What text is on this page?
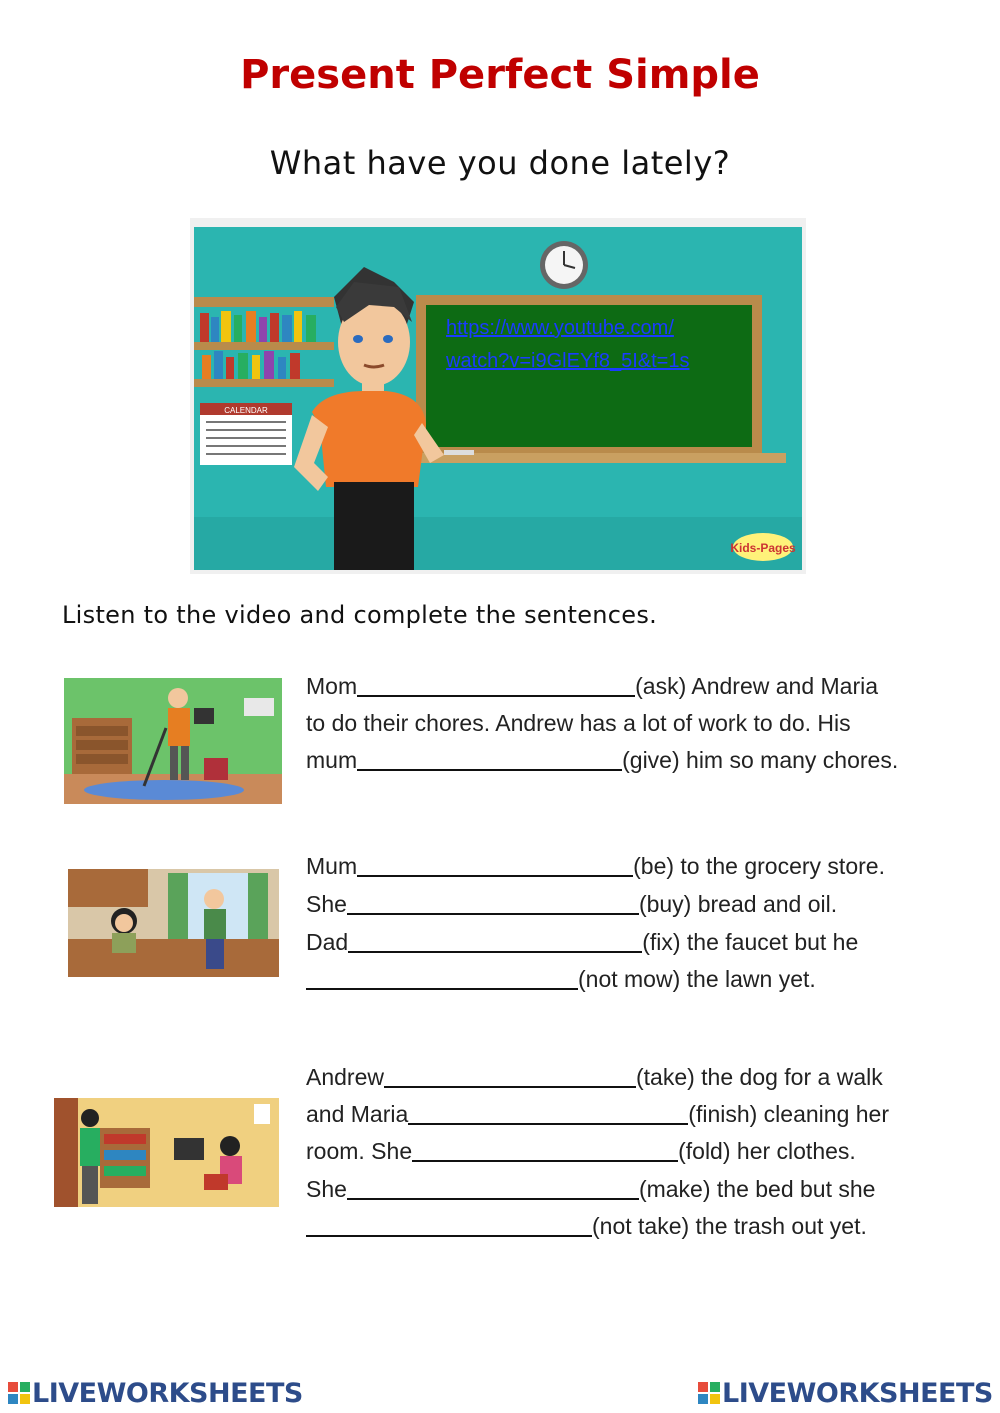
Present Perfect Simple
What have you done lately?
CALENDAR
Kids-Pages
https://www.youtube.com/
watch?v=i9GlEYf8_5I&t=1s
Listen to the video and complete the sentences.
Mom	(ask) Andrew and Maria
to do their chores. Andrew has a lot of work to do. His
mum	(give) him so many chores.
Mum	(be) to the grocery store.
She	(buy) bread and oil.
Dad	(fix) the faucet but he
(not mow) the lawn yet.
Andrew	(take) the dog for a walk
and Maria	(finish) cleaning her
room. She	(fold) her clothes.
She	(make) the bed but she
(not take) the trash out yet.
LIVEWORKSHEETS	LIVEWORKSHEETS
